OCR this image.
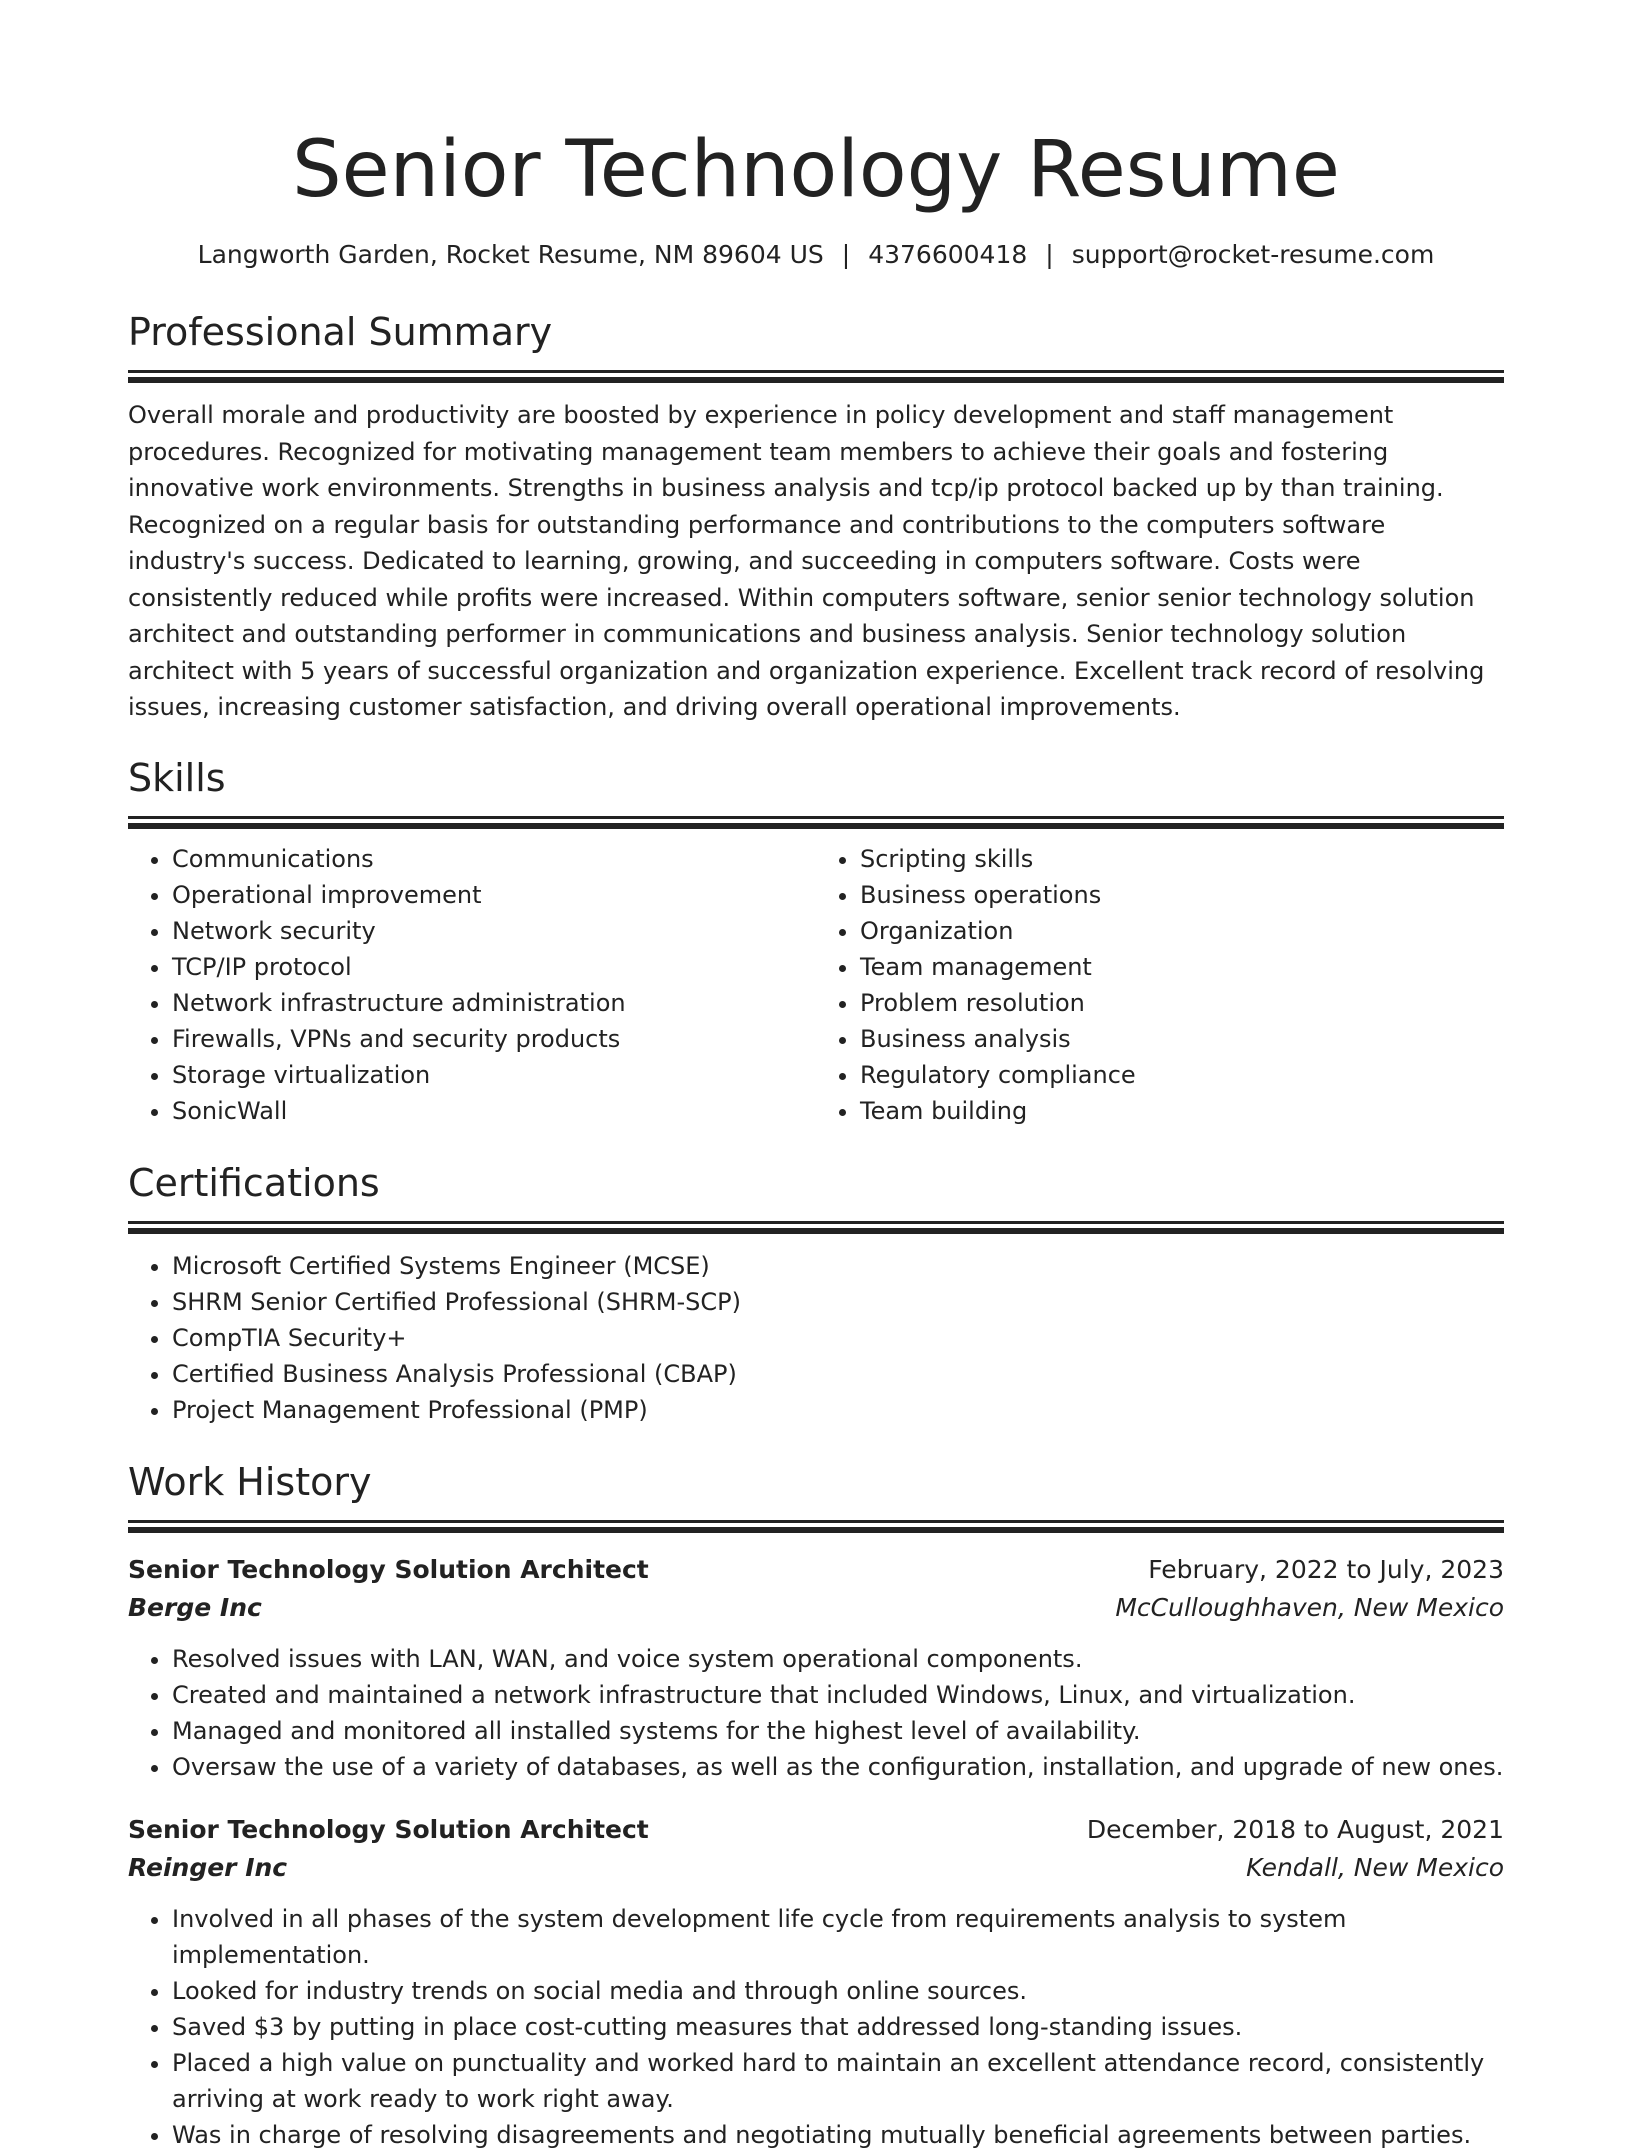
Senior Technology Resume
Langworth Garden, Rocket Resume, NM 89604 US | 4376600418 | support@rocket-resume.com
Professional Summary
Overall morale and productivity are boosted by experience in policy development and staff management procedures. Recognized for motivating management team members to achieve their goals and fostering innovative work environments. Strengths in business analysis and tcp/ip protocol backed up by than training. Recognized on a regular basis for outstanding performance and contributions to the computers software industry's success. Dedicated to learning, growing, and succeeding in computers software. Costs were consistently reduced while profits were increased. Within computers software, senior senior technology solution architect and outstanding performer in communications and business analysis. Senior technology solution architect with 5 years of successful organization and organization experience. Excellent track record of resolving issues, increasing customer satisfaction, and driving overall operational improvements.
Skills
• Communications
• Operational improvement
• Network security
• TCP/IP protocol
• Network infrastructure administration
• Firewalls, VPNs and security products
• Storage virtualization
• SonicWall
• Scripting skills
• Business operations
• Organization
• Team management
• Problem resolution
• Business analysis
• Regulatory compliance
• Team building
Certifications
• Microsoft Certified Systems Engineer (MCSE)
• SHRM Senior Certified Professional (SHRM-SCP)
• CompTIA Security+
• Certified Business Analysis Professional (CBAP)
• Project Management Professional (PMP)
Work History
Senior Technology Solution Architect	February, 2022 to July, 2023
Berge Inc	McCulloughhaven, New Mexico
• Resolved issues with LAN, WAN, and voice system operational components.
• Created and maintained a network infrastructure that included Windows, Linux, and virtualization.
• Managed and monitored all installed systems for the highest level of availability.
• Oversaw the use of a variety of databases, as well as the configuration, installation, and upgrade of new ones.
Senior Technology Solution Architect	December, 2018 to August, 2021
Reinger Inc	Kendall, New Mexico
• Involved in all phases of the system development life cycle from requirements analysis to system implementation.
• Looked for industry trends on social media and through online sources.
• Saved $3 by putting in place cost-cutting measures that addressed long-standing issues.
• Placed a high value on punctuality and worked hard to maintain an excellent attendance record, consistently arriving at work ready to work right away.
• Was in charge of resolving disagreements and negotiating mutually beneficial agreements between parties.
